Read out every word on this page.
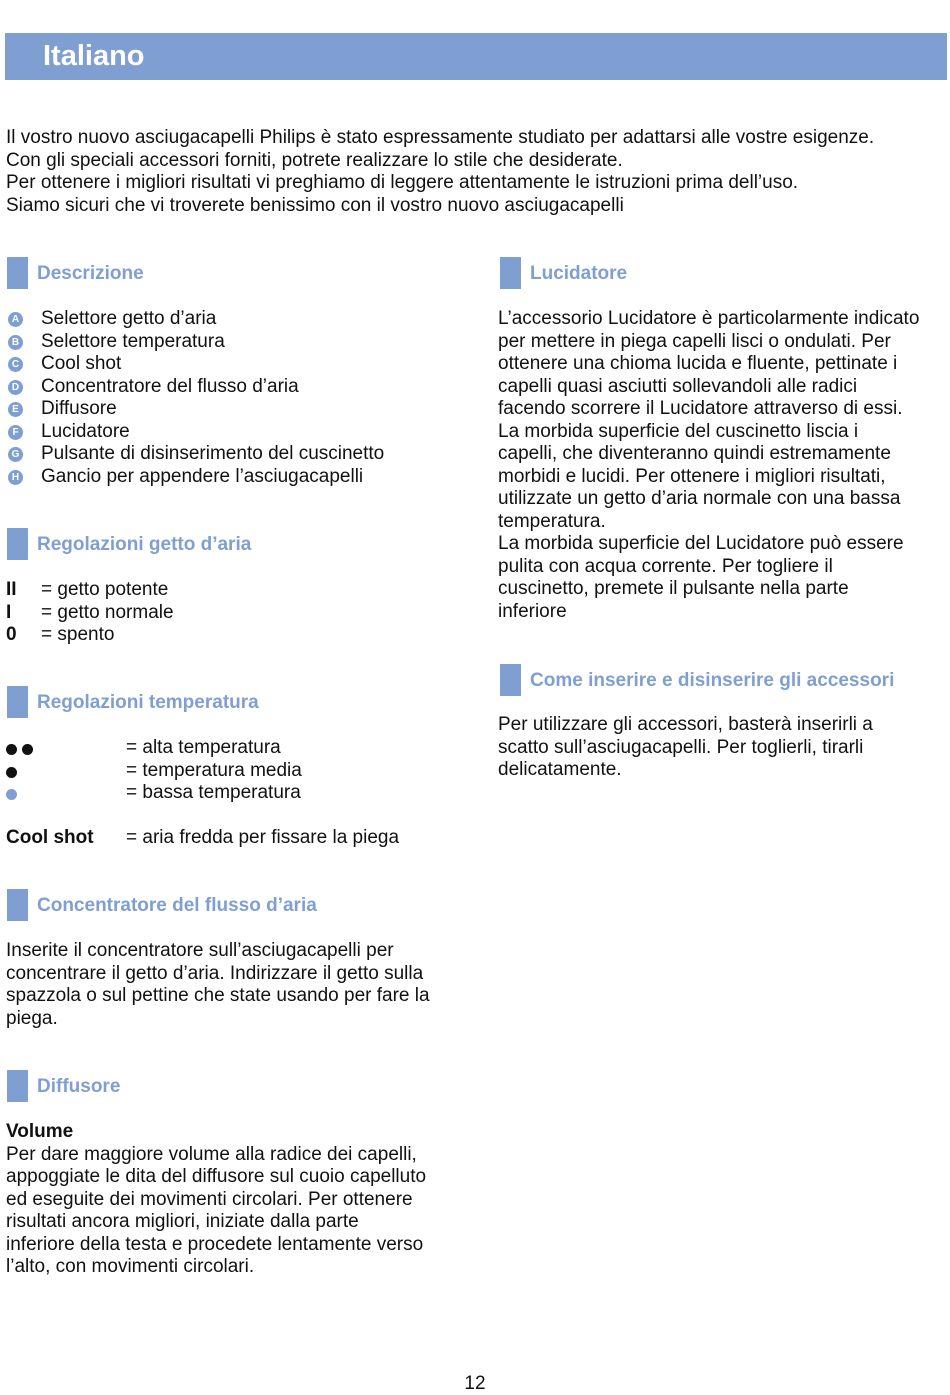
Italiano
Il vostro nuovo asciugacapelli Philips è stato espressamente studiato per adattarsi alle vostre esigenze.
Con gli speciali accessori forniti, potrete realizzare lo stile che desiderate.
Per ottenere i migliori risultati vi preghiamo di leggere attentamente le istruzioni prima dell’uso.
Siamo sicuri che vi troverete benissimo con il vostro nuovo asciugacapelli
Descrizione
A Selettore getto d’aria
B Selettore temperatura
C Cool shot
D Concentratore del flusso d’aria
E Diffusore
F Lucidatore
G Pulsante di disinserimento del cuscinetto
H Gancio per appendere l’asciugacapelli
Regolazioni getto d’aria
II = getto potente
I = getto normale
0 = spento
Regolazioni temperatura
= alta temperatura
= temperatura media
= bassa temperatura
Cool shot = aria fredda per fissare la piega
Concentratore del flusso d’aria
Inserite il concentratore sull’asciugacapelli per
concentrare il getto d’aria. Indirizzare il getto sulla
spazzola o sul pettine che state usando per fare la
piega.
Diffusore
Volume
Per dare maggiore volume alla radice dei capelli,
appoggiate le dita del diffusore sul cuoio capelluto
ed eseguite dei movimenti circolari. Per ottenere
risultati ancora migliori, iniziate dalla parte
inferiore della testa e procedete lentamente verso
l’alto, con movimenti circolari.
Lucidatore
L’accessorio Lucidatore è particolarmente indicato
per mettere in piega capelli lisci o ondulati. Per
ottenere una chioma lucida e fluente, pettinate i
capelli quasi asciutti sollevandoli alle radici
facendo scorrere il Lucidatore attraverso di essi.
La morbida superficie del cuscinetto liscia i
capelli, che diventeranno quindi estremamente
morbidi e lucidi. Per ottenere i migliori risultati,
utilizzate un getto d’aria normale con una bassa
temperatura.
La morbida superficie del Lucidatore può essere
pulita con acqua corrente. Per togliere il
cuscinetto, premete il pulsante nella parte
inferiore
Come inserire e disinserire gli accessori
Per utilizzare gli accessori, basterà inserirli a
scatto sull’asciugacapelli. Per toglierli, tirarli
delicatamente.
12
